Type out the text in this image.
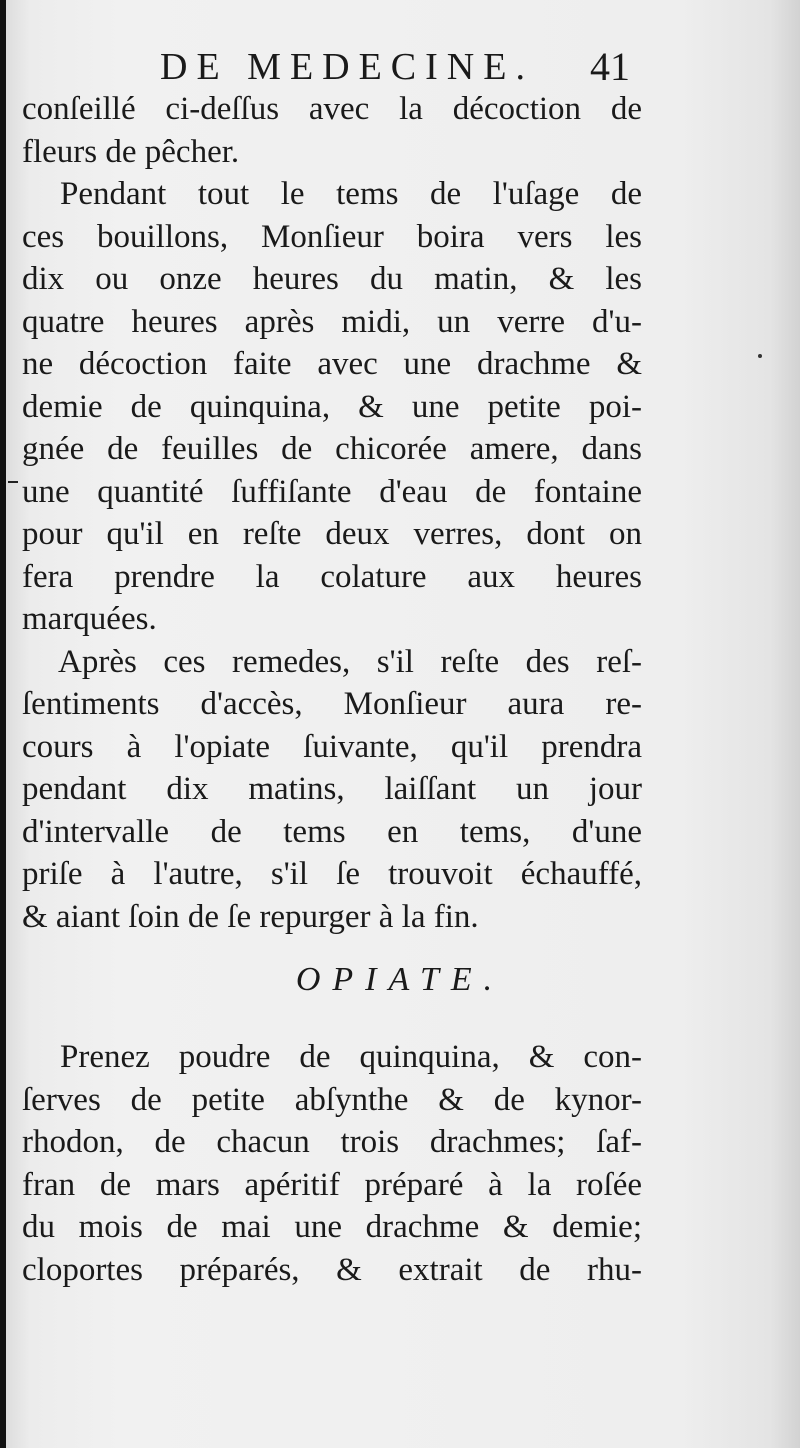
DE MEDECINE. 41
conſeillé ci-deſſus avec la décoction de
fleurs de pêcher.
Pendant tout le tems de l'uſage de
ces bouillons, Monſieur boira vers les
dix ou onze heures du matin, & les
quatre heures après midi, un verre d'u-
ne décoction faite avec une drachme &
demie de quinquina, & une petite poi-
gnée de feuilles de chicorée amere, dans
une quantité ſuffiſante d'eau de fontaine
pour qu'il en reſte deux verres, dont on
fera prendre la colature aux heures
marquées.
Après ces remedes, s'il reſte des reſ-
ſentiments d'accès, Monſieur aura re-
cours à l'opiate ſuivante, qu'il prendra
pendant dix matins, laiſſant un jour
d'intervalle de tems en tems, d'une
priſe à l'autre, s'il ſe trouvoit échauffé,
& aiant ſoin de ſe repurger à la fin.
OPIATE.
Prenez poudre de quinquina, & con-
ſerves de petite abſynthe & de kynor-
rhodon, de chacun trois drachmes; ſaf-
fran de mars apéritif préparé à la roſée
du mois de mai une drachme & demie;
cloportes préparés, & extrait de rhu-
